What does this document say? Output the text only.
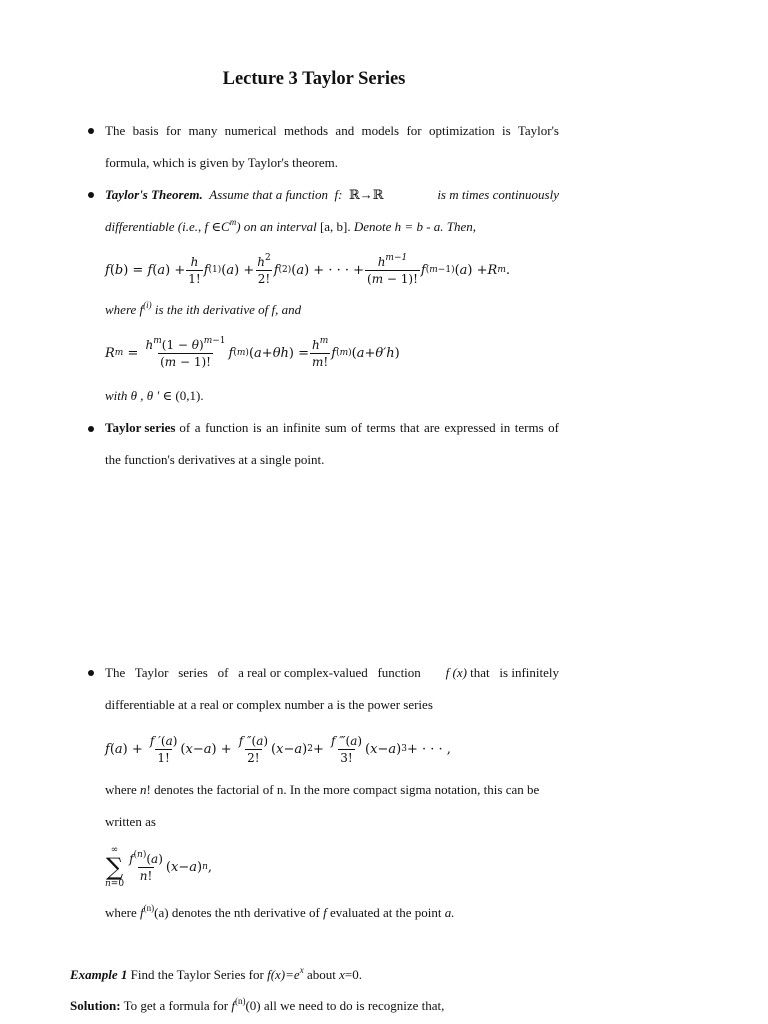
Lecture 3 Taylor Series
The basis for many numerical methods and models for optimization is Taylor's
formula, which is given by Taylor's theorem.
Taylor's Theorem. Assume that a function f: ℝ→ℝ	is m times continuously
differentiable (i.e., f $\in C^m$) on an interval [a, b]. Denote h = b - a. Then,
f ( b ) =
f ( a ) + $\frac{h}{1!}$ f (1) ( a ) + $\frac{h^2}{2!}$ f (2) ( a ) + · · · + $\frac{h^{m-1}}{(m - 1)!}$ f (m−1) ( a ) + R m .
where $f^{(i)}$ is the ith derivative of f, and
R m =
$\frac{h^m(1 - \theta)^{m-1}}{(m - 1)!}$ f (m) ( a + θh ) = $\frac{h^m}{m!}$ f (m) ( a + θ′h )
with θ , θ ′ ∈ (0,1).
Taylor series of a function is an infinite sum of terms that are expressed in terms of
the function's derivatives at a single point.
The   Taylor   series   of   a real or complex-valued   function f (x) that   is infinitely
differentiable at a real or complex number a is the power series
f ( a ) +
$\frac{f '(a)}{1!}$ ( x − a ) +
$\frac{f ''(a)}{2!}$ ( x − a ) 2 +
$\frac{f ‴(a)}{3!}$ ( x − a ) 3 + · · · ,
where n! denotes the factorial of n. In the more compact sigma notation, this can be
written as
∞
∑
n=0
$\frac{f^{(n)}(a)}{n!}$ ( x − a ) n ,
where $f^{(n)}(a)$ denotes the nth derivative of f evaluated at the point a.
Example 1 Find the Taylor Series for $f(x)=e^x$ about x=0.
Solution: To get a formula for $f^{(n)}(0)$ all we need to do is recognize that,
